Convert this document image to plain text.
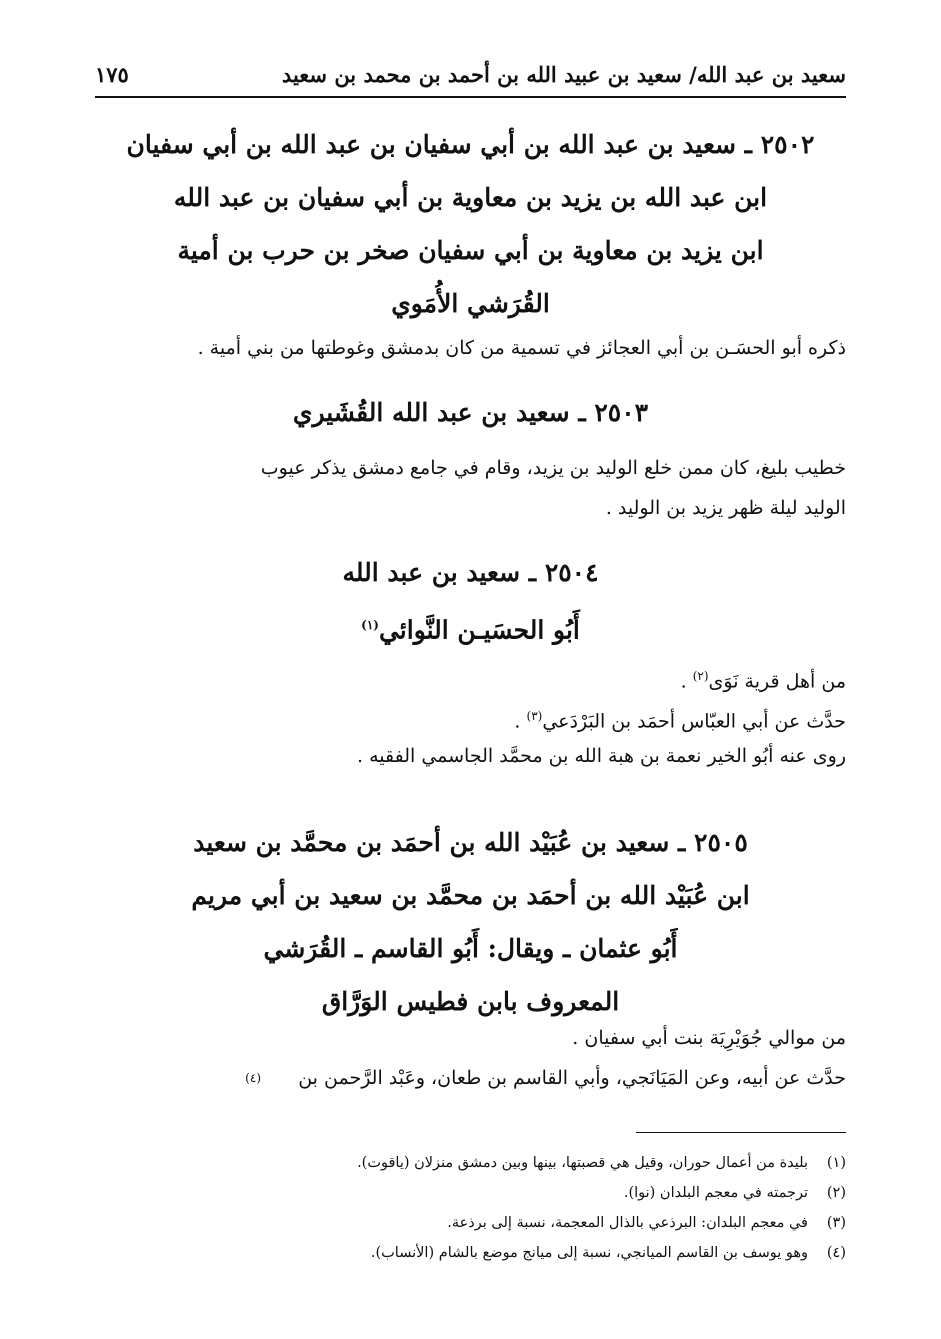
سعيد بن عبد الله/ سعيد بن عبيد الله بن أحمد بن محمد بن سعيد
١٧٥
٢٥٠٢ ـ سعيد بن عبد الله بن أبي سفيان بن عبد الله بن أبي سفيان
ابن عبد الله بن يزيد بن معاوية بن أبي سفيان بن عبد الله
ابن يزيد بن معاوية بن أبي سفيان صخر بن حرب بن أمية
القُرَشي الأُمَوي
ذكره أبو الحسَـن بن أبي العجائز في تسمية من كان بدمشق وغوطتها من بني أمية .
٢٥٠٣ ـ سعيد بن عبد الله القُشَيري
خطيب بليغ، كان ممن خلع الوليد بن يزيد، وقام في جامع دمشق يذكر عيوب
الوليد ليلة ظهر يزيد بن الوليد .
٢٥٠٤ ـ سعيد بن عبد الله
أَبُو الحسَيـن النَّوائي$^{(١)}$
من أهل قرية نَوَى$^{(٢)}$ .
حدَّث عن أبي العبّاس أحمَد بن البَرْدَعي$^{(٣)}$ .
روى عنه أبُو الخير نعمة بن هبة الله بن محمَّد الجاسمي الفقيه .
٢٥٠٥ ـ سعيد بن عُبَيْد الله بن أحمَد بن محمَّد بن سعيد
ابن عُبَيْد الله بن أحمَد بن محمَّد بن سعيد بن أبي مريم
أَبُو عثمان ـ ويقال: أَبُو القاسم ـ القُرَشي
المعروف بابن فطيس الوَرَّاق
من موالي جُوَيْرِيَة بنت أبي سفيان .
حدَّث عن أبيه، وعن المَيَانَجي، وأبي القاسم بن طعان، وعَبْد الرَّحمن بن
(٤)
(١)بليدة من أعمال حوران، وقيل هي قصبتها، بينها وبين دمشق منزلان (ياقوت).
(٢)ترجمته في معجم البلدان (نوا).
(٣)في معجم البلدان: البرذعي بالذال المعجمة، نسبة إلى برذعة.
(٤)وهو يوسف بن القاسم الميانجي، نسبة إلى ميانج موضع بالشام (الأنساب).
